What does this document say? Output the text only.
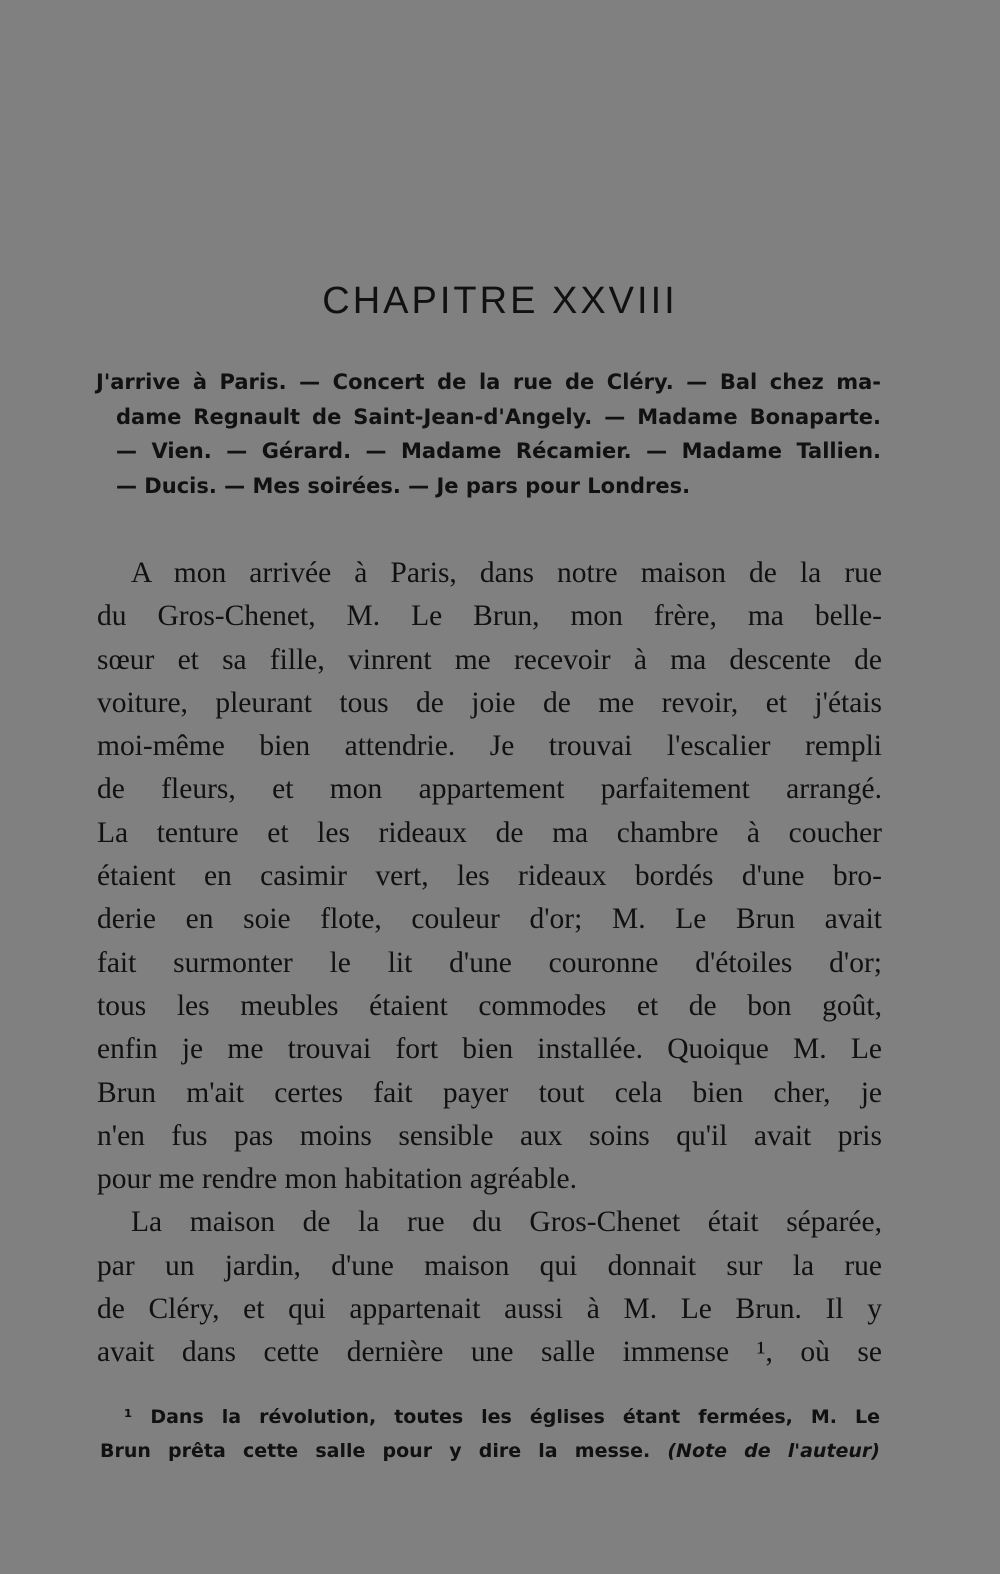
CHAPITRE XXVIII
J'arrive à Paris. — Concert de la rue de Cléry. — Bal chez ma-
dame Regnault de Saint-Jean-d'Angely. — Madame Bonaparte.
— Vien. — Gérard. — Madame Récamier. — Madame Tallien.
— Ducis. — Mes soirées. — Je pars pour Londres.
A mon arrivée à Paris, dans notre maison de la rue
du Gros-Chenet, M. Le Brun, mon frère, ma belle-
sœur et sa fille, vinrent me recevoir à ma descente de
voiture, pleurant tous de joie de me revoir, et j'étais
moi-même bien attendrie. Je trouvai l'escalier rempli
de fleurs, et mon appartement parfaitement arrangé.
La tenture et les rideaux de ma chambre à coucher
étaient en casimir vert, les rideaux bordés d'une bro-
derie en soie flote, couleur d'or; M. Le Brun avait
fait surmonter le lit d'une couronne d'étoiles d'or;
tous les meubles étaient commodes et de bon goût,
enfin je me trouvai fort bien installée. Quoique M. Le
Brun m'ait certes fait payer tout cela bien cher, je
n'en fus pas moins sensible aux soins qu'il avait pris
pour me rendre mon habitation agréable.
La maison de la rue du Gros-Chenet était séparée,
par un jardin, d'une maison qui donnait sur la rue
de Cléry, et qui appartenait aussi à M. Le Brun. Il y
avait dans cette dernière une salle immense ¹, où se
¹ Dans la révolution, toutes les églises étant fermées, M. Le
Brun prêta cette salle pour y dire la messe. (Note de l'auteur)
